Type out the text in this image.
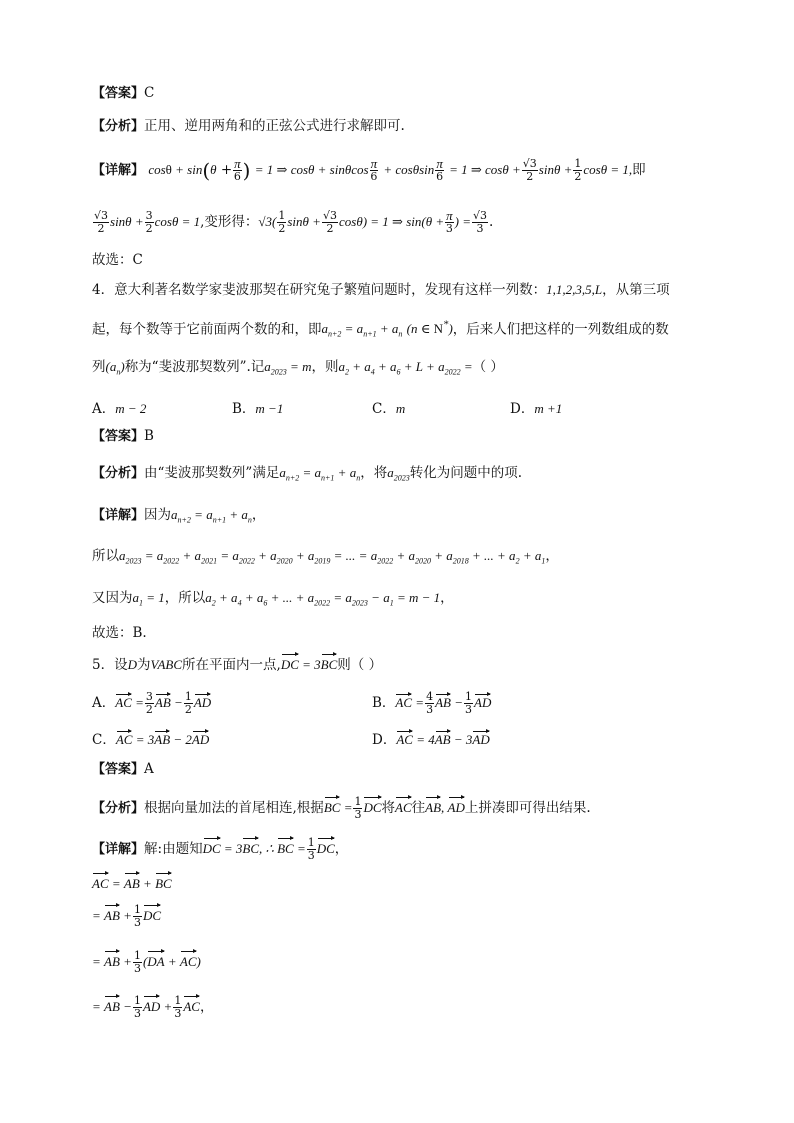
【答案】C
【分析】正用、逆用两角和的正弦公式进行求解即可.
【详解】 $\cos\theta + \sin(\theta + \frac{\pi}{6}$ ) = 1 ⇒ cosθ + sinθcos $\frac{\pi}{6} + \cos\theta\sin \frac{\pi}{6} = 1$ ⇒ $\cos\theta + \frac{√3}{2}$ $\sin\theta + \frac{1}{2}$ cosθ = 1,即
$\frac{√3}{2}$ $\sin\theta + \frac{3}{2}$ cosθ = 1,变形得：$√3( \frac{1}{2}$ $\sin\theta + \frac{√3}{2} \cos\theta) = 1$ ⇒ $\sin(\theta + \frac{\pi}{3}$ ) = $\frac{√3}{3}$ .
故选：C
4．意大利著名数学家斐波那契在研究兔子繁殖问题时，发现有这样一列数：1,1,2,3,5,L，从第三项
起，每个数等于它前面两个数的和，即$a_{n+2} = a_{n+1} + a_n$ (n ∈ N*)，后来人们把这样的一列数组成的数
列$(a_n)$称为“斐波那契数列”.记$a_{2023} = m$，则$a_2 + a_4 + a_6 + L + a_{2022}$ =（ ）
A．m − 2	B．m −1	C．m	D．m +1
【答案】B
【分析】由“斐波那契数列”满足$a_{n+2} = a_{n+1} + a_n$，将$a_{2023}$转化为问题中的项.
【详解】因为$a_{n+2} = a_{n+1} + a_n$，
所以$a_{2023} = a_{2022} + a_{2021} = a_{2022} + a_{2020} + a_{2019}$ = ... = $a_{2022} + a_{2020} + a_{2018}$ + ... + $a_2 + a_1$，
又因为$a_1 = 1$，所以$a_2 + a_4 + a_6$ + ... + $a_{2022} = a_{2023} - a_1 = m - 1$，
故选：B.
5．设D为VABC所在平面内一点,DC = 3BC则（ ）
A．AC = $\frac{3}{2}$ AB − $\frac{1}{2}$ AD	B．AC = $\frac{4}{3}$ AB − $\frac{1}{3}$ AD
C．AC = 3AB − 2AD	D．AC = 4AB − 3AD
【答案】A
【分析】根据向量加法的首尾相连,根据BC = $\frac{1}{3}$ DC将AC往AB, AD上拼凑即可得出结果.
【详解】解:由题知DC = 3BC, ∴ BC = $\frac{1}{3}$ DC，
AC = AB + BC
= AB + $\frac{1}{3}$ DC
= AB + $\frac{1}{3} (DA + AC)$
= AB − $\frac{1}{3}$ AD + $\frac{1}{3}$ AC，
